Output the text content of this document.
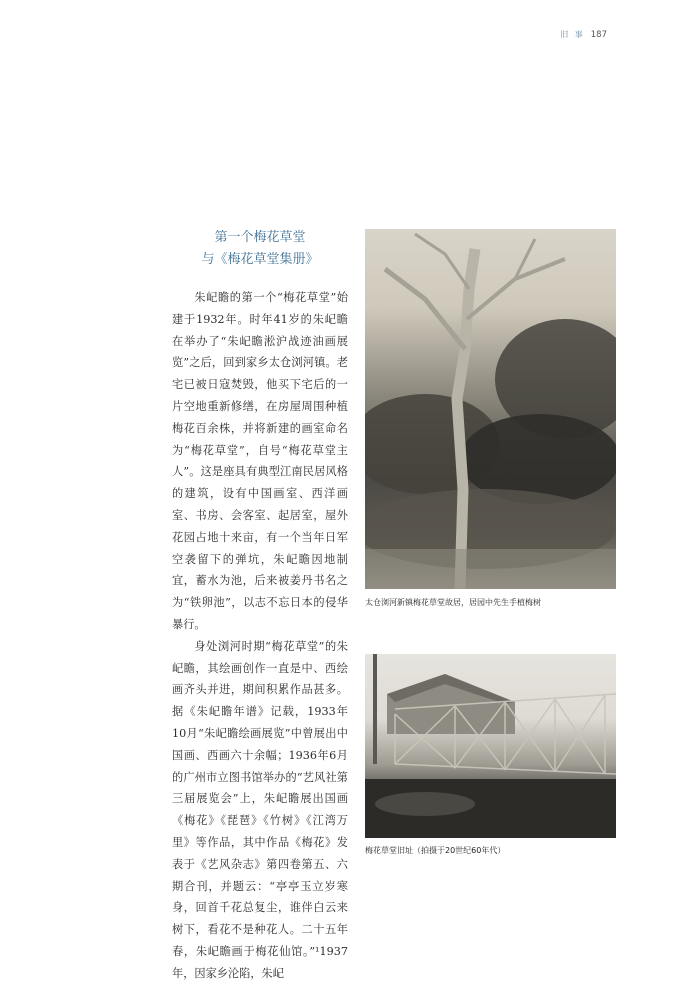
旧 事 187
第一个梅花草堂
与《梅花草堂集册》

朱屺瞻的第一个“梅花草堂”始建于1932年。时年41岁的朱屺瞻在举办了“朱屺瞻淞沪战迹油画展览”之后，回到家乡太仓浏河镇。老宅已被日寇焚毁，他买下宅后的一片空地重新修缮，在房屋周围种植梅花百余株，并将新建的画室命名为“梅花草堂”，自号“梅花草堂主人”。这是座具有典型江南民居风格的建筑，设有中国画室、西洋画室、书房、会客室、起居室，屋外花园占地十来亩，有一个当年日军空袭留下的弹坑，朱屺瞻因地制宜，蓄水为池，后来被姜丹书名之为“铁卵池”，以志不忘日本的侵华暴行。

身处浏河时期“梅花草堂”的朱屺瞻，其绘画创作一直是中、西绘画齐头并进，期间积累作品甚多。据《朱屺瞻年谱》记载，1933年10月“朱屺瞻绘画展览”中曾展出中国画、西画六十余幅；1936年6月的广州市立图书馆举办的“艺风社第三届展览会”上，朱屺瞻展出国画《梅花》《琵琶》《竹树》《江湾万里》等作品，其中作品《梅花》发表于《艺风杂志》第四卷第五、六期合刊，并题云：“亭亭玉立岁寒身，回首千花总复尘，谁伴白云来树下，看花不是种花人。二十五年春，朱屺瞻画于梅花仙馆。”¹1937年，因家乡沦陷，朱屺

太仓浏河新镇梅花草堂故居，居园中先生手植梅树
梅花草堂旧址（拍摄于20世纪60年代）
